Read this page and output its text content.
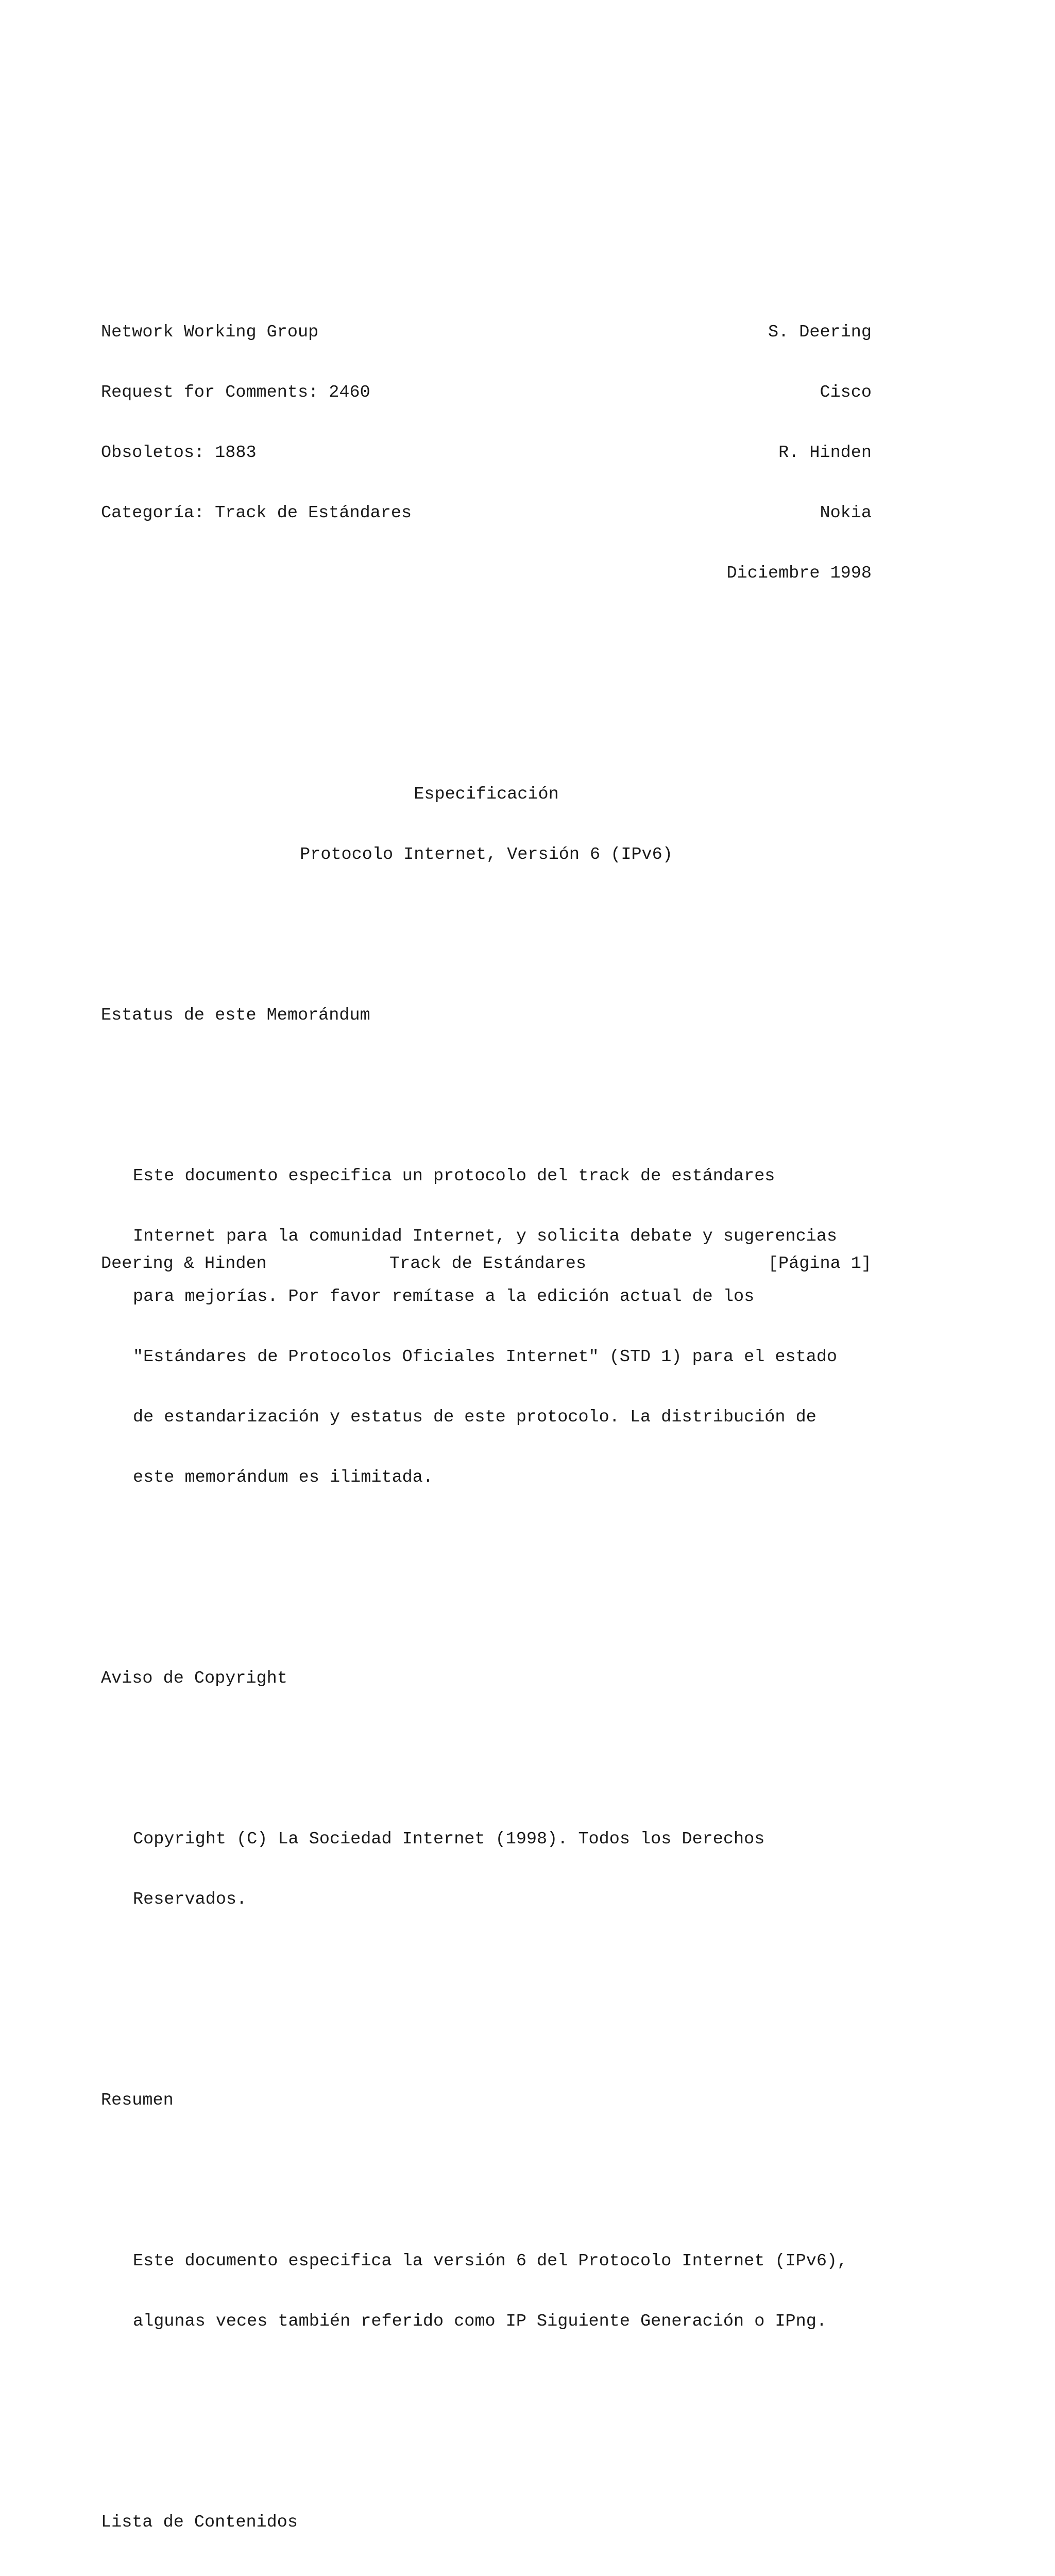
Network Working Group	S. Deering

Request for Comments: 2460	Cisco

Obsoletos: 1883	R. Hinden

Categoría: Track de Estándares	Nokia

Diciembre 1998

Especificación

Protocolo Internet, Versión 6 (IPv6)

Estatus de este Memorándum

Este documento especifica un protocolo del track de estándares

Internet para la comunidad Internet, y solicita debate y sugerencias

para mejorías. Por favor remítase a la edición actual de los

"Estándares de Protocolos Oficiales Internet" (STD 1) para el estado

de estandarización y estatus de este protocolo. La distribución de

este memorándum es ilimitada.

Aviso de Copyright

Copyright (C) La Sociedad Internet (1998). Todos los Derechos

Reservados.

Resumen

Este documento especifica la versión 6 del Protocolo Internet (IPv6),

algunas veces también referido como IP Siguiente Generación o IPng.

Lista de Contenidos

Deering & Hinden

	Track de Estándares

	[Página 1]
